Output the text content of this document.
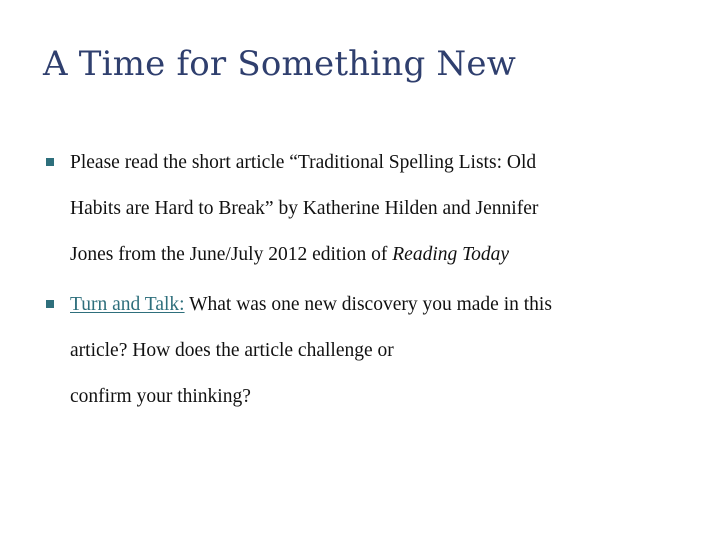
A Time for Something New
Please read the short article “Traditional Spelling Lists: Old
Habits are Hard to Break” by Katherine Hilden and Jennifer
Jones from the June/July 2012 edition of Reading Today
Turn and Talk: What was one new discovery you made in this
article? How does the article challenge or
confirm your thinking?
